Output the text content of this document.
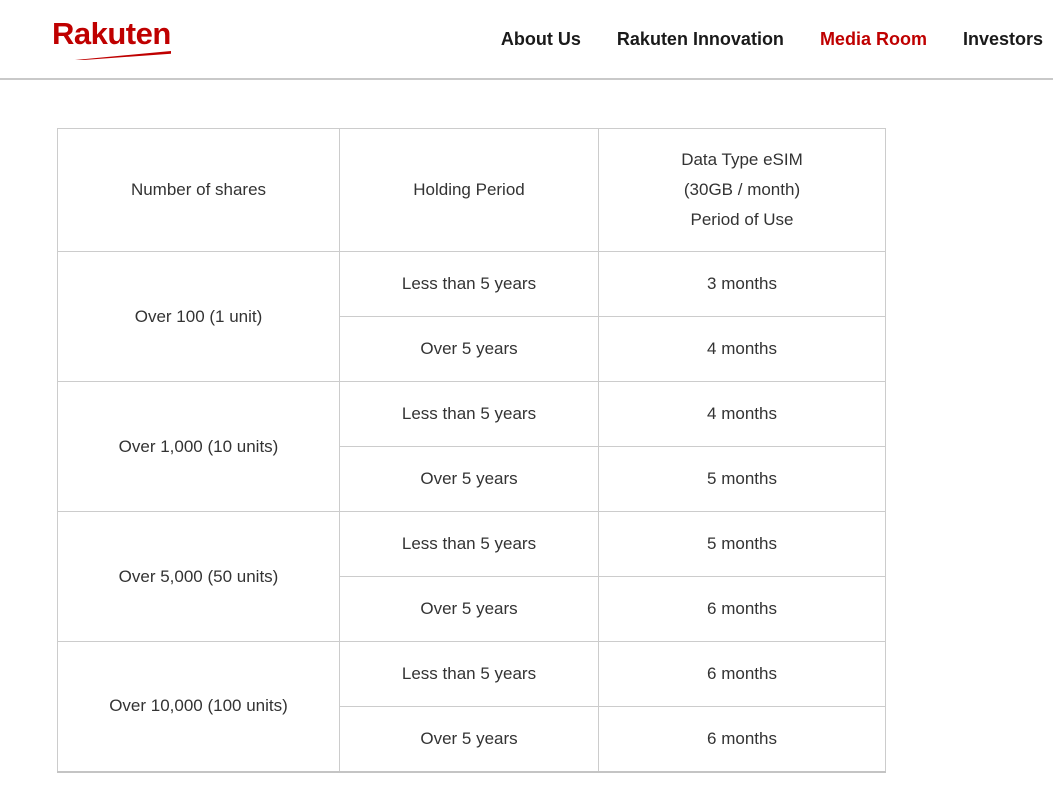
Rakuten	About Us Rakuten Innovation Media Room Investors
Number of shares	Holding Period	Data Type eSIM
(30GB / month)
Period of Use

Over 100 (1 unit)	Less than 5 years	3 months
	Over 5 years	4 months
Over 1,000 (10 units)	Less than 5 years	4 months
	Over 5 years	5 months
Over 5,000 (50 units)	Less than 5 years	5 months
	Over 5 years	6 months
Over 10,000 (100 units)	Less than 5 years	6 months
	Over 5 years	6 months
